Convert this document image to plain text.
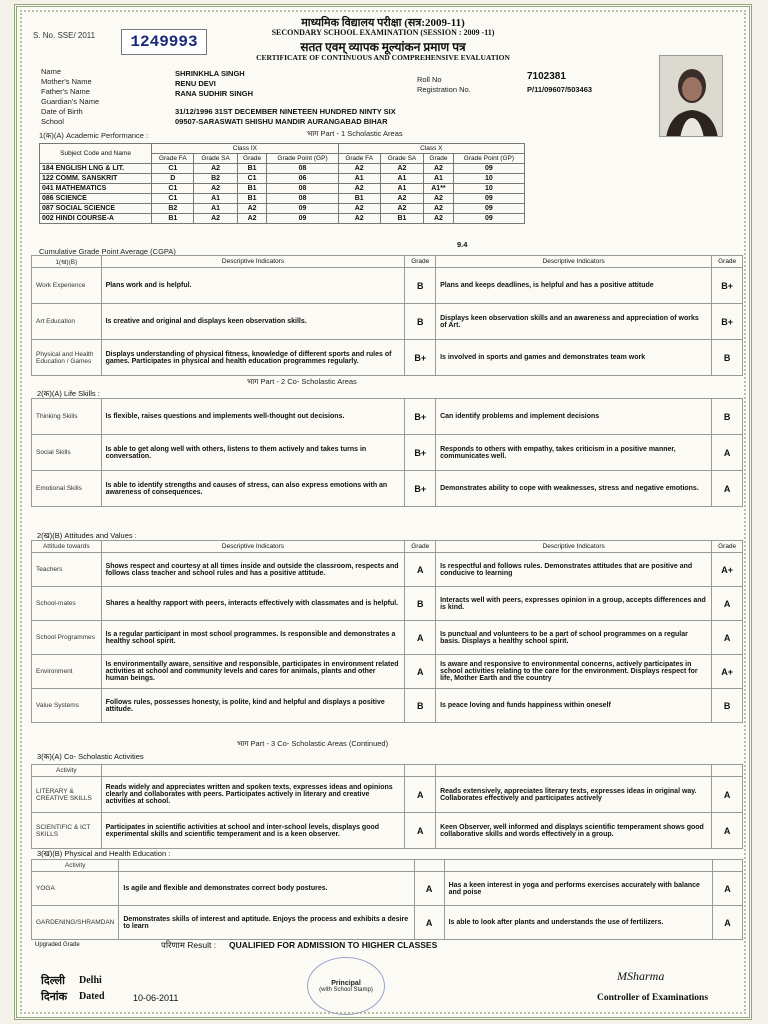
S. No. SSE/ 2011	1249993
माध्यमिक विद्यालय परीक्षा (सत्र:2009-11)
SECONDARY SCHOOL EXAMINATION (SESSION : 2009 -11)
सतत एवम् व्यापक मूल्यांकन प्रमाण पत्र
CERTIFICATE OF CONTINUOUS AND COMPREHENSIVE EVALUATION
Name	SHRINKHLA SINGH
Mother's Name	RENU DEVI
Father's Name	RANA SUDHIR SINGH
Guardian's Name
Date of Birth	31/12/1996 31ST DECEMBER NINETEEN HUNDRED NINTY SIX
School	09507-SARASWATI SHISHU MANDIR AURANGABAD BIHAR
Roll No	7102381
Registration No.	P/11/09607/503463
1(क)(A) Academic Performance :	भाग Part - 1 Scholastic Areas
Subject Code and Name	Class IX				Class X			
	Grade FA	Grade SA	Grade	Grade Point (GP)	Grade FA	Grade SA	Grade	Grade Point (GP)
184 ENGLISH LNG & LIT.	C1	A2	B1	08	A2	A2	A2	09
122 COMM. SANSKRIT	D	B2	C1	06	A1	A1	A1	10
041 MATHEMATICS	C1	A2	B1	08	A2	A1	A1**	10
086 SCIENCE	C1	A1	B1	08	B1	A2	A2	09
087 SOCIAL SCIENCE	B2	A1	A2	09	A2	A2	A2	09
002 HINDI COURSE-A	B1	A2	A2	09	A2	B1	A2	09
9.4
Cumulative Grade Point Average (CGPA)
1(ख)(B)	Descriptive Indicators	Grade	Descriptive Indicators	Grade
Work Experience	Plans work and is helpful.	B	Plans and keeps deadlines, is helpful and has a positive attitude	B+
Art Education	Is creative and original and displays keen observation skills.	B	Displays keen observation skills and an awareness and appreciation of works of Art.	B+
Physical and Health Education / Games	Displays understanding of physical fitness, knowledge of different sports and rules of games. Participates in physical and health education programmes regularly.	B+	Is involved in sports and games and demonstrates team work	B
भाग Part - 2 Co- Scholastic Areas
2(क)(A) Life Skills :
Thinking Skills	Is flexible, raises questions and implements well-thought out decisions.	B+	Can identify problems and implement decisions	B
Social Skills	Is able to get along well with others, listens to them actively and takes turns in conversation.	B+	Responds to others with empathy, takes criticism in a positive manner, communicates well.	A
Emotional Skills	Is able to identify strengths and causes of stress, can also express emotions with an awareness of consequences.	B+	Demonstrates ability to cope with weaknesses, stress and negative emotions.	A
2(ख)(B) Attitudes and Values :
Attitude towards	Descriptive Indicators	Grade	Descriptive Indicators	Grade
Teachers	Shows respect and courtesy at all times inside and outside the classroom, respects and follows class teacher and school rules and has a positive attitude.	A	Is respectful and follows rules. Demonstrates attitudes that are positive and conducive to learning	A+
School-mates	Shares a healthy rapport with peers, interacts effectively with classmates and is helpful.	B	Interacts well with peers, expresses opinion in a group, accepts differences and is kind.	A
School Programmes	Is a regular participant in most school programmes. Is responsible and demonstrates a healthy school spirit.	A	Is punctual and volunteers to be a part of school programmes on a regular basis. Displays a healthy school spirit.	A
Environment	Is environmentally aware, sensitive and responsible, participates in environment related activities at school and community levels and cares for animals, plants and other human beings.	A	Is aware and responsive to environmental concerns, actively participates in school activities relating to the care for the environment. Displays respect for life, Mother Earth and the country	A+
Value Systems	Follows rules, possesses honesty, is polite, kind and helpful and displays a positive attitude.	B	Is peace loving and funds happiness within oneself	B
भाग Part - 3 Co- Scholastic Areas (Continued)
3(क)(A) Co- Scholastic Activities
Activity				
LITERARY & CREATIVE SKILLS	Reads widely and appreciates written and spoken texts, expresses ideas and opinions clearly and collaborates with peers. Participates actively in literary and creative activities at school.	A	Reads extensively, appreciates literary texts, expresses ideas in original way. Collaborates effectively and participates actively	A
SCIENTIFIC & ICT SKILLS	Participates in scientific activities at school and inter-school levels, displays good experimental skills and scientific temperament and is a keen observer.	A	Keen Observer, well informed and displays scientific temperament shows good collaborative skills and words effectively in a group.	A
3(ख)(B) Physical and Health Education :
Activity				
YOGA	Is agile and flexible and demonstrates correct body postures.	A	Has a keen interest in yoga and performs exercises accurately with balance and poise	A
GARDENING/SHRAMDAN	Demonstrates skills of interest and aptitude. Enjoys the process and exhibits a desire to learn	A	Is able to look after plants and understands the use of fertilizers.	A
Upgraded Grade	परिणाम Result : QUALIFIED FOR ADMISSION TO HIGHER CLASSES
दिल्ली Delhi
दिनांक Dated	10-06-2011
Principal
(with School Stamp)
MSharma
Controller of Examinations
